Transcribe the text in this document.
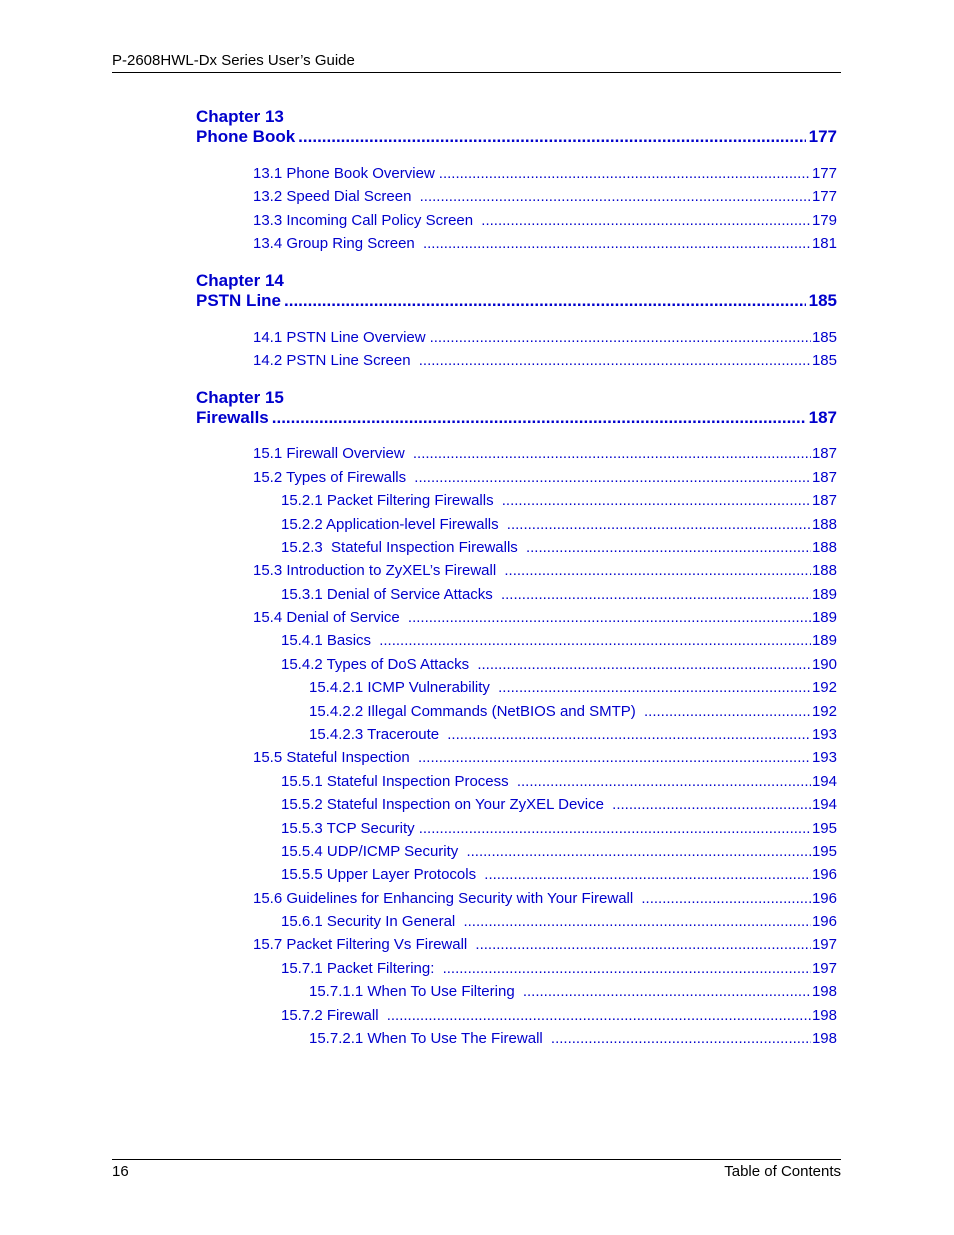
P-2608HWL-Dx Series User’s Guide
Chapter 13
Phone Book .....	177
13.1 Phone Book Overview .....	177
13.2 Speed Dial Screen .....	177
13.3 Incoming Call Policy Screen .....	179
13.4 Group Ring Screen .....	181
Chapter 14
PSTN Line .....	185
14.1 PSTN Line Overview .....	185
14.2 PSTN Line Screen .....	185
Chapter 15
Firewalls .....	187
15.1 Firewall Overview .....	187
15.2 Types of Firewalls .....	187
15.2.1 Packet Filtering Firewalls .....	187
15.2.2 Application-level Firewalls .....	188
15.2.3  Stateful Inspection Firewalls .....	188
15.3 Introduction to ZyXEL’s Firewall .....	188
15.3.1 Denial of Service Attacks .....	189
15.4 Denial of Service .....	189
15.4.1 Basics .....	189
15.4.2 Types of DoS Attacks .....	190
15.4.2.1 ICMP Vulnerability .....	192
15.4.2.2 Illegal Commands (NetBIOS and SMTP) .....	192
15.4.2.3 Traceroute .....	193
15.5 Stateful Inspection .....	193
15.5.1 Stateful Inspection Process .....	194
15.5.2 Stateful Inspection on Your ZyXEL Device .....	194
15.5.3 TCP Security .....	195
15.5.4 UDP/ICMP Security .....	195
15.5.5 Upper Layer Protocols .....	196
15.6 Guidelines for Enhancing Security with Your Firewall .....	196
15.6.1 Security In General .....	196
15.7 Packet Filtering Vs Firewall .....	197
15.7.1 Packet Filtering: .....	197
15.7.1.1 When To Use Filtering .....	198
15.7.2 Firewall .....	198
15.7.2.1 When To Use The Firewall .....	198
16	Table of Contents
